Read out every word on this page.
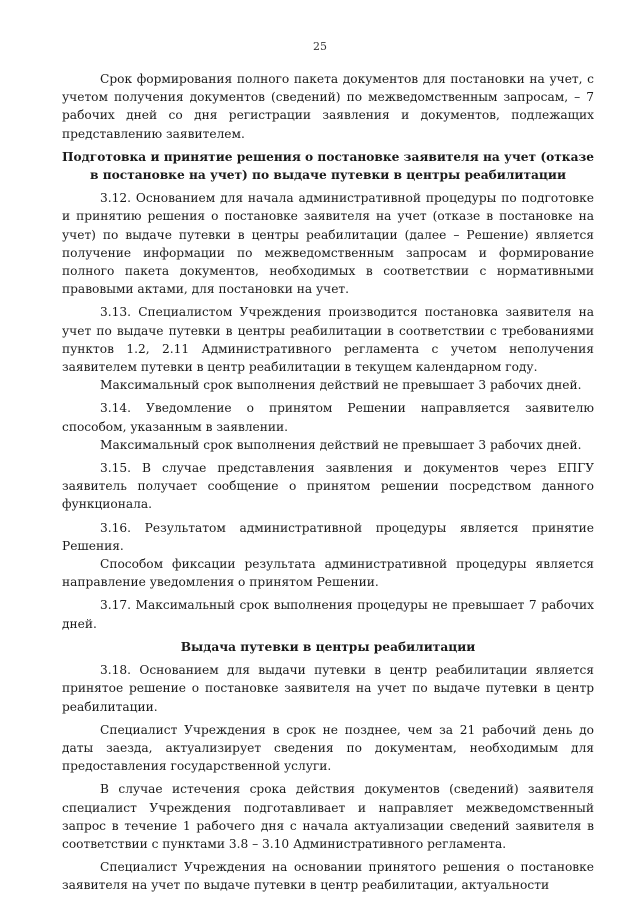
25

Срок формирования полного пакета документов для постановки на учет, с учетом получения документов (сведений) по межведомственным запросам, – 7 рабочих дней со дня регистрации заявления и документов, подлежащих представлению заявителем.

Подготовка и принятие решения о постановке заявителя на учет (отказе в постановке на учет) по выдаче путевки в центры реабилитации

3.12. Основанием для начала административной процедуры по подготовке и принятию решения о постановке заявителя на учет (отказе в постановке на учет) по выдаче путевки в центры реабилитации (далее – Решение) является получение информации по межведомственным запросам и формирование полного пакета документов, необходимых в соответствии с нормативными правовыми актами, для постановки на учет.

3.13. Специалистом Учреждения производится постановка заявителя на учет по выдаче путевки в центры реабилитации в соответствии с требованиями пунктов 1.2, 2.11 Административного регламента с учетом неполучения заявителем путевки в центр реабилитации в текущем календарном году.

Максимальный срок выполнения действий не превышает 3 рабочих дней.

3.14. Уведомление о принятом Решении направляется заявителю способом, указанным в заявлении.

Максимальный срок выполнения действий не превышает 3 рабочих дней.

3.15. В случае представления заявления и документов через ЕПГУ заявитель получает сообщение о принятом решении посредством данного функционала.

3.16. Результатом административной процедуры является принятие Решения.

Способом фиксации результата административной процедуры является направление уведомления о принятом Решении.

3.17. Максимальный срок выполнения процедуры не превышает 7 рабочих дней.

Выдача путевки в центры реабилитации

3.18. Основанием для выдачи путевки в центр реабилитации является принятое решение о постановке заявителя на учет по выдаче путевки в центр реабилитации.

Специалист Учреждения в срок не позднее, чем за 21 рабочий день до даты заезда, актуализирует сведения по документам, необходимым для предоставления государственной услуги.

В случае истечения срока действия документов (сведений) заявителя специалист Учреждения подготавливает и направляет межведомственный запрос в течение 1 рабочего дня с начала актуализации сведений заявителя в соответствии с пунктами 3.8 – 3.10 Административного регламента.

Специалист Учреждения на основании принятого решения о постановке заявителя на учет по выдаче путевки в центр реабилитации, актуальности
